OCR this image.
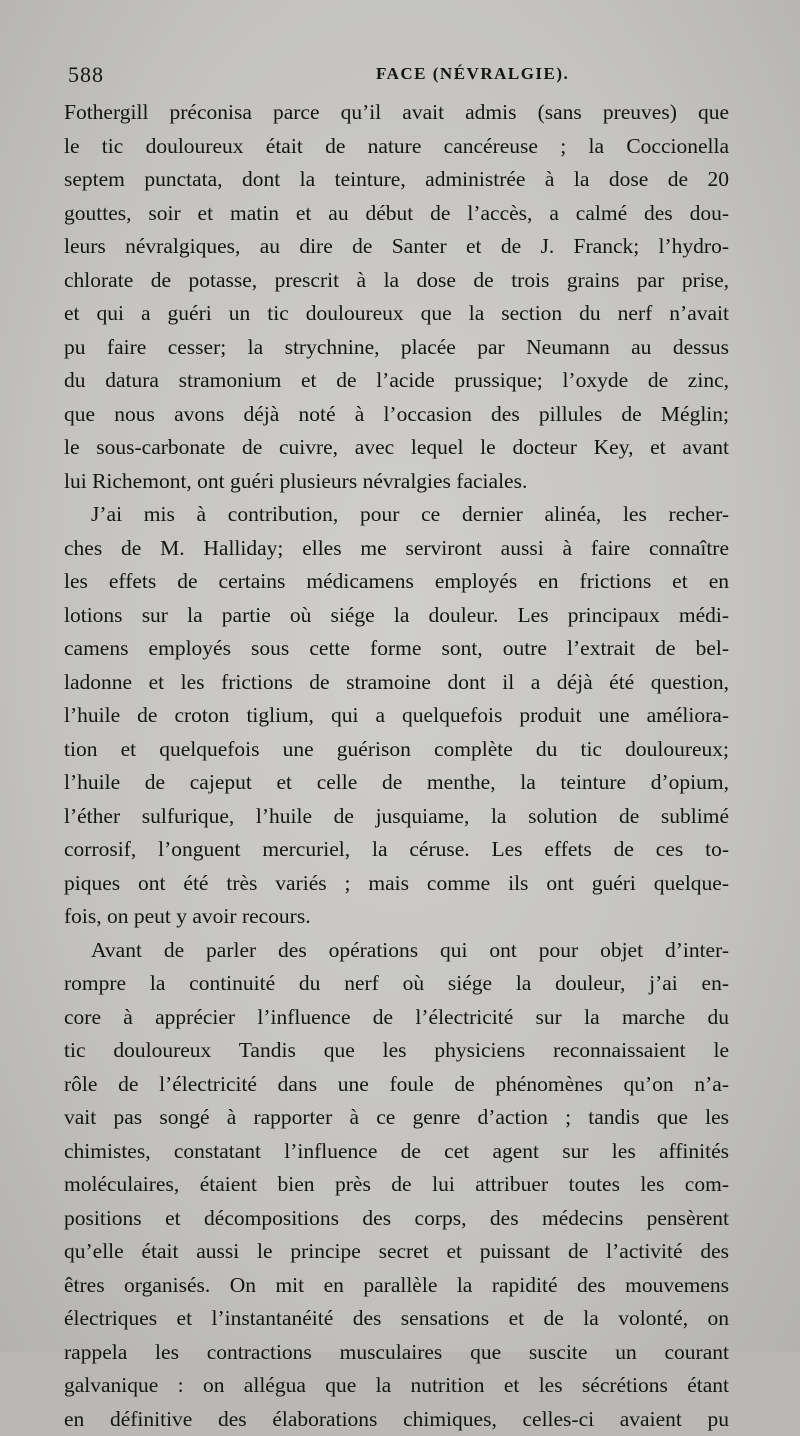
588	FACE (NÉVRALGIE).
Fothergill préconisa parce qu’il avait admis (sans preuves) que
le tic douloureux était de nature cancéreuse ; la Coccionella
septem punctata, dont la teinture, administrée à la dose de 20
gouttes, soir et matin et au début de l’accès, a calmé des dou-
leurs névralgiques, au dire de Santer et de J. Franck; l’hydro-
chlorate de potasse, prescrit à la dose de trois grains par prise,
et qui a guéri un tic douloureux que la section du nerf n’avait
pu faire cesser; la strychnine, placée par Neumann au dessus
du datura stramonium et de l’acide prussique; l’oxyde de zinc,
que nous avons déjà noté à l’occasion des pillules de Méglin;
le sous-carbonate de cuivre, avec lequel le docteur Key, et avant
lui Richemont, ont guéri plusieurs névralgies faciales.
J’ai mis à contribution, pour ce dernier alinéa, les recher-
ches de M. Halliday; elles me serviront aussi à faire connaître
les effets de certains médicamens employés en frictions et en
lotions sur la partie où siége la douleur. Les principaux médi-
camens employés sous cette forme sont, outre l’extrait de bel-
ladonne et les frictions de stramoine dont il a déjà été question,
l’huile de croton tiglium, qui a quelquefois produit une améliora-
tion et quelquefois une guérison complète du tic douloureux;
l’huile de cajeput et celle de menthe, la teinture d’opium,
l’éther sulfurique, l’huile de jusquiame, la solution de sublimé
corrosif, l’onguent mercuriel, la céruse. Les effets de ces to-
piques ont été très variés ; mais comme ils ont guéri quelque-
fois, on peut y avoir recours.
Avant de parler des opérations qui ont pour objet d’inter-
rompre la continuité du nerf où siége la douleur, j’ai en-
core à apprécier l’influence de l’électricité sur la marche du
tic douloureux Tandis que les physiciens reconnaissaient le
rôle de l’électricité dans une foule de phénomènes qu’on n’a-
vait pas songé à rapporter à ce genre d’action ; tandis que les
chimistes, constatant l’influence de cet agent sur les affinités
moléculaires, étaient bien près de lui attribuer toutes les com-
positions et décompositions des corps, des médecins pensèrent
qu’elle était aussi le principe secret et puissant de l’activité des
êtres organisés. On mit en parallèle la rapidité des mouvemens
électriques et l’instantanéité des sensations et de la volonté, on
rappela les contractions musculaires que suscite un courant
galvanique : on allégua que la nutrition et les sécrétions étant
en définitive des élaborations chimiques, celles-ci avaient pu
